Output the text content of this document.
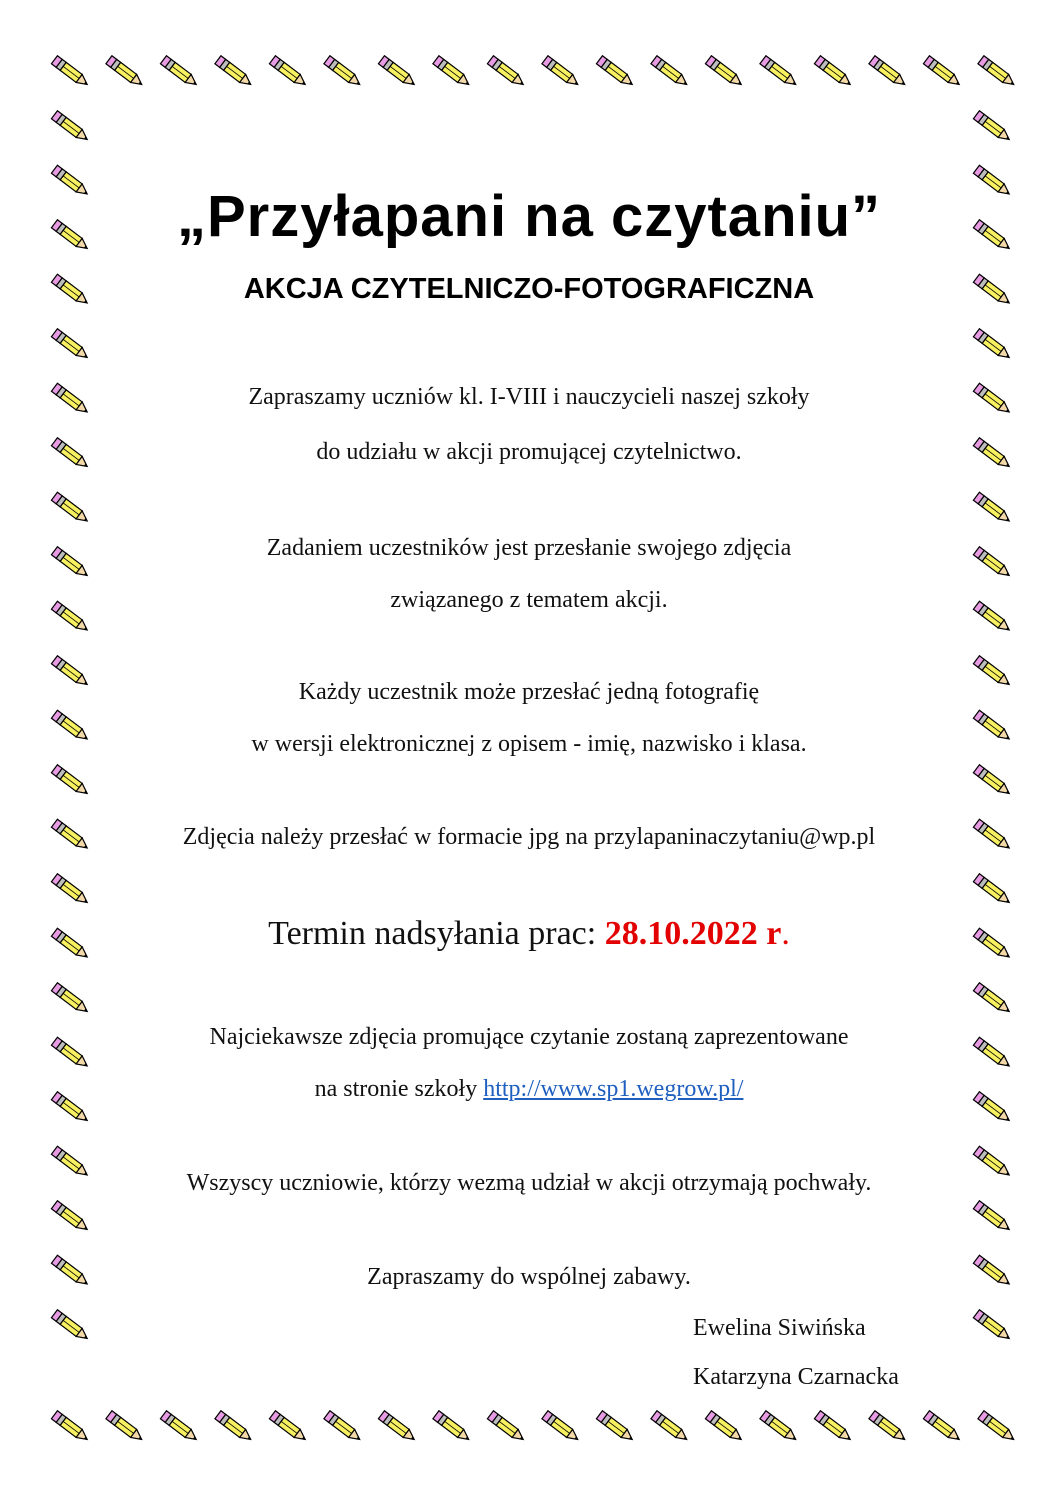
„Przyłapani na czytaniu”
AKCJA CZYTELNICZO-FOTOGRAFICZNA
Zapraszamy uczniów kl. I-VIII i nauczycieli naszej szkoły
do udziału w akcji promującej czytelnictwo.
Zadaniem uczestników jest przesłanie swojego zdjęcia
związanego z tematem akcji.
Każdy uczestnik może przesłać jedną fotografię
w wersji elektronicznej z opisem - imię, nazwisko i klasa.
Zdjęcia należy przesłać w formacie jpg na przylapaninaczytaniu@wp.pl
Termin nadsyłania prac: 28.10.2022 r.
Najciekawsze zdjęcia promujące czytanie zostaną zaprezentowane
na stronie szkoły http://www.sp1.wegrow.pl/
Wszyscy uczniowie, którzy wezmą udział w akcji otrzymają pochwały.
Zapraszamy do wspólnej zabawy.
Ewelina Siwińska
Katarzyna Czarnacka
